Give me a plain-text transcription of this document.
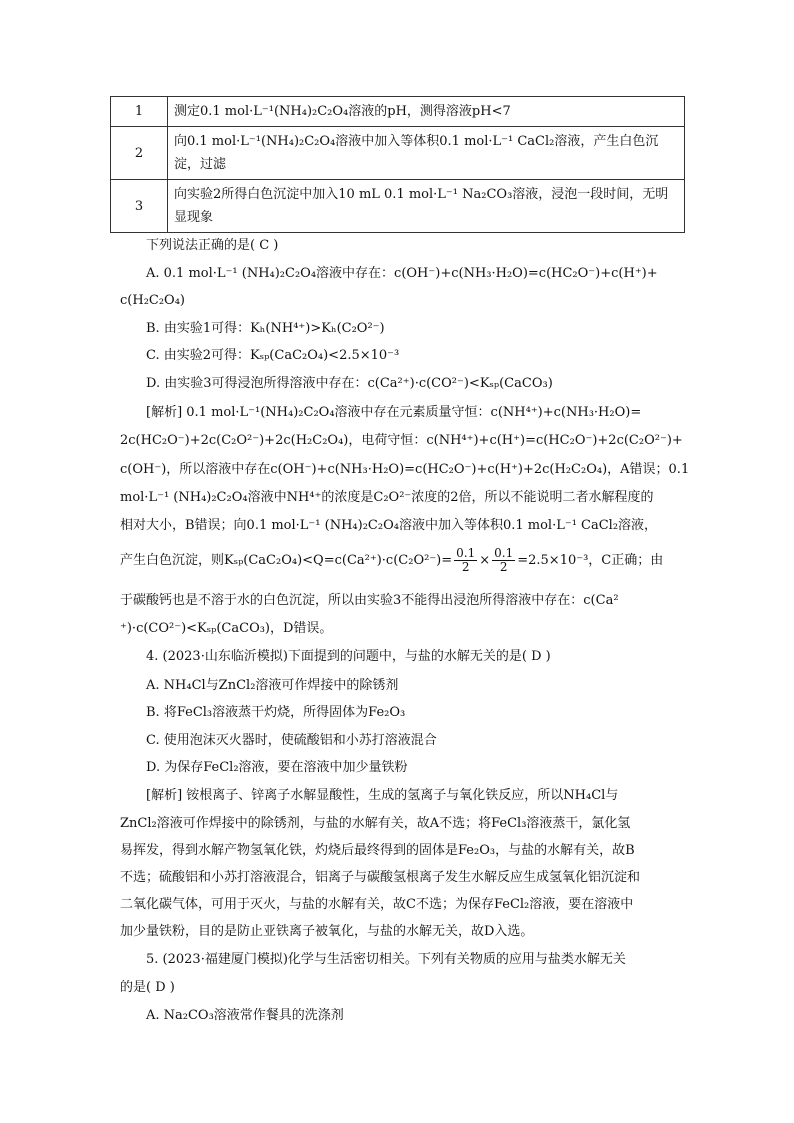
1	测定0.1 mol·L⁻¹(NH₄)₂C₂O₄溶液的pH，测得溶液pH<7
2	向0.1 mol·L⁻¹(NH₄)₂C₂O₄溶液中加入等体积0.1 mol·L⁻¹ CaCl₂溶液，产生白色沉淀，过滤
3	向实验2所得白色沉淀中加入10 mL 0.1 mol·L⁻¹ Na₂CO₃溶液，浸泡一段时间，无明显现象
下列说法正确的是( C )
A. 0.1 mol·L⁻¹ (NH₄)₂C₂O₄溶液中存在：c(OH⁻)+c(NH₃·H₂O)=c(HC₂O⁻)+c(H⁺)+
c(H₂C₂O₄)
B. 由实验1可得：Kₕ(NH⁴⁺)>Kₕ(C₂O²⁻)
C. 由实验2可得：Kₛₚ(CaC₂O₄)<2.5×10⁻³
D. 由实验3可得浸泡所得溶液中存在：c(Ca²⁺)·c(CO²⁻)<Kₛₚ(CaCO₃)
[解析] 0.1 mol·L⁻¹(NH₄)₂C₂O₄溶液中存在元素质量守恒：c(NH⁴⁺)+c(NH₃·H₂O)=
2c(HC₂O⁻)+2c(C₂O²⁻)+2c(H₂C₂O₄)，电荷守恒：c(NH⁴⁺)+c(H⁺)=c(HC₂O⁻)+2c(C₂O²⁻)+
c(OH⁻)，所以溶液中存在c(OH⁻)+c(NH₃·H₂O)=c(HC₂O⁻)+c(H⁺)+2c(H₂C₂O₄)，A错误；0.1
mol·L⁻¹ (NH₄)₂C₂O₄溶液中NH⁴⁺的浓度是C₂O²⁻浓度的2倍，所以不能说明二者水解程度的
相对大小，B错误；向0.1 mol·L⁻¹ (NH₄)₂C₂O₄溶液中加入等体积0.1 mol·L⁻¹ CaCl₂溶液，
产生白色沉淀，则$K_{sp}(CaC_2O_4)<Q=c(Ca^{2+})\cdot c(C_2O^{2-})= \frac{0.1}{2} \times \frac{0.1}{2} =2.5\times 10^{-3}$，C正确；由
于碳酸钙也是不溶于水的白色沉淀，所以由实验3不能得出浸泡所得溶液中存在：c(Ca²
⁺)·c(CO²⁻)<Kₛₚ(CaCO₃)，D错误。
4. (2023·山东临沂模拟)下面提到的问题中，与盐的水解无关的是( D )
A. NH₄Cl与ZnCl₂溶液可作焊接中的除锈剂
B. 将FeCl₃溶液蒸干灼烧，所得固体为Fe₂O₃
C. 使用泡沫灭火器时，使硫酸铝和小苏打溶液混合
D. 为保存FeCl₂溶液，要在溶液中加少量铁粉
[解析] 铵根离子、锌离子水解显酸性，生成的氢离子与氧化铁反应，所以NH₄Cl与
ZnCl₂溶液可作焊接中的除锈剂，与盐的水解有关，故A不选；将FeCl₃溶液蒸干，氯化氢
易挥发，得到水解产物氢氧化铁，灼烧后最终得到的固体是Fe₂O₃，与盐的水解有关，故B
不选；硫酸铝和小苏打溶液混合，铝离子与碳酸氢根离子发生水解反应生成氢氧化铝沉淀和
二氧化碳气体，可用于灭火，与盐的水解有关，故C不选；为保存FeCl₂溶液，要在溶液中
加少量铁粉，目的是防止亚铁离子被氧化，与盐的水解无关，故D入选。
5. (2023·福建厦门模拟)化学与生活密切相关。下列有关物质的应用与盐类水解无关
的是( D )
A. Na₂CO₃溶液常作餐具的洗涤剂
